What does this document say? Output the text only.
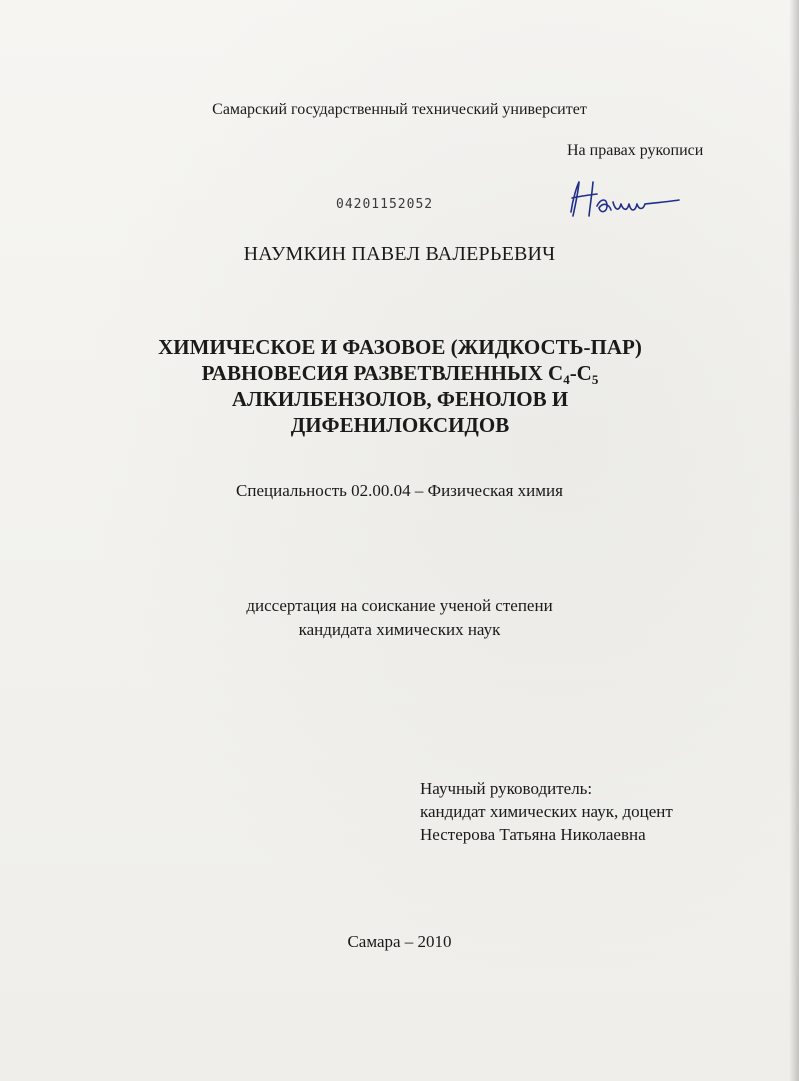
Самарский государственный технический университет
На правах рукописи
04201152052
НАУМКИН ПАВЕЛ ВАЛЕРЬЕВИЧ
ХИМИЧЕСКОЕ И ФАЗОВОЕ (ЖИДКОСТЬ-ПАР)
РАВНОВЕСИЯ РАЗВЕТВЛЕННЫХ $С_4-С_5$
АЛКИЛБЕНЗОЛОВ, ФЕНОЛОВ И
ДИФЕНИЛОКСИДОВ
Специальность 02.00.04 – Физическая химия
диссертация на соискание ученой степени
кандидата химических наук
Научный руководитель:
кандидат химических наук, доцент
Нестерова Татьяна Николаевна
Самара – 2010
